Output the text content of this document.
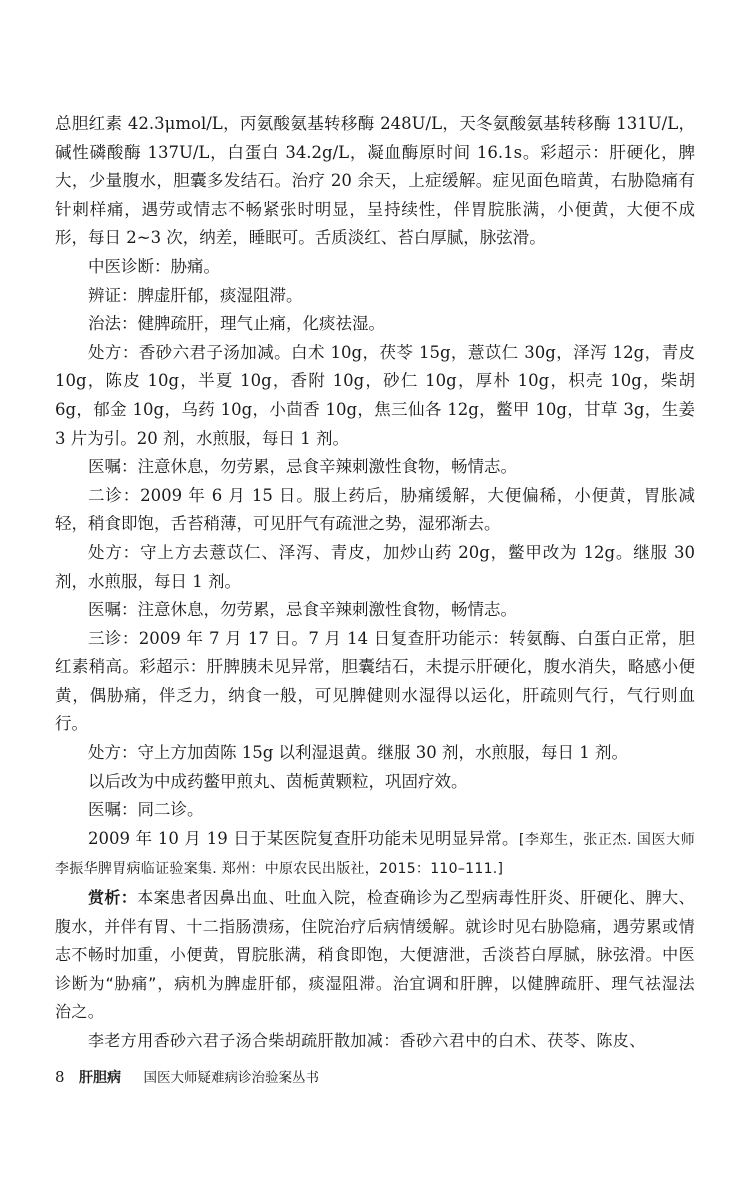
总胆红素 42.3μmol/L，丙氨酸氨基转移酶 248U/L，天冬氨酸氨基转移酶 131U/L，碱性磷酸酶 137U/L，白蛋白 34.2g/L，凝血酶原时间 16.1s。彩超示：肝硬化，脾大，少量腹水，胆囊多发结石。治疗 20 余天，上症缓解。症见面色暗黄，右胁隐痛有针刺样痛，遇劳或情志不畅紧张时明显，呈持续性，伴胃脘胀满，小便黄，大便不成形，每日 2~3 次，纳差，睡眠可。舌质淡红、苔白厚腻，脉弦滑。

中医诊断：胁痛。

辨证：脾虚肝郁，痰湿阻滞。

治法：健脾疏肝，理气止痛，化痰祛湿。

处方：香砂六君子汤加减。白术 10g，茯苓 15g，薏苡仁 30g，泽泻 12g，青皮 10g，陈皮 10g，半夏 10g，香附 10g，砂仁 10g，厚朴 10g，枳壳 10g，柴胡 6g，郁金 10g，乌药 10g，小茴香 10g，焦三仙各 12g，鳖甲 10g，甘草 3g，生姜 3 片为引。20 剂，水煎服，每日 1 剂。

医嘱：注意休息，勿劳累，忌食辛辣刺激性食物，畅情志。

二诊：2009 年 6 月 15 日。服上药后，胁痛缓解，大便偏稀，小便黄，胃胀减轻，稍食即饱，舌苔稍薄，可见肝气有疏泄之势，湿邪渐去。

处方：守上方去薏苡仁、泽泻、青皮，加炒山药 20g，鳖甲改为 12g。继服 30 剂，水煎服，每日 1 剂。

医嘱：注意休息，勿劳累，忌食辛辣刺激性食物，畅情志。

三诊：2009 年 7 月 17 日。7 月 14 日复查肝功能示：转氨酶、白蛋白正常，胆红素稍高。彩超示：肝脾胰未见异常，胆囊结石，未提示肝硬化，腹水消失，略感小便黄，偶胁痛，伴乏力，纳食一般，可见脾健则水湿得以运化，肝疏则气行，气行则血行。

处方：守上方加茵陈 15g 以利湿退黄。继服 30 剂，水煎服，每日 1 剂。

以后改为中成药鳖甲煎丸、茵栀黄颗粒，巩固疗效。

医嘱：同二诊。

2009 年 10 月 19 日于某医院复查肝功能未见明显异常。[李郑生，张正杰. 国医大师李振华脾胃病临证验案集. 郑州：中原农民出版社，2015：110–111.]

赏析：本案患者因鼻出血、吐血入院，检查确诊为乙型病毒性肝炎、肝硬化、脾大、腹水，并伴有胃、十二指肠溃疡，住院治疗后病情缓解。就诊时见右胁隐痛，遇劳累或情志不畅时加重，小便黄，胃脘胀满，稍食即饱，大便溏泄，舌淡苔白厚腻，脉弦滑。中医诊断为“胁痛”，病机为脾虚肝郁，痰湿阻滞。治宜调和肝脾，以健脾疏肝、理气祛湿法治之。

李老方用香砂六君子汤合柴胡疏肝散加减：香砂六君中的白术、茯苓、陈皮、

8 肝胆病 国医大师疑难病诊治验案丛书
